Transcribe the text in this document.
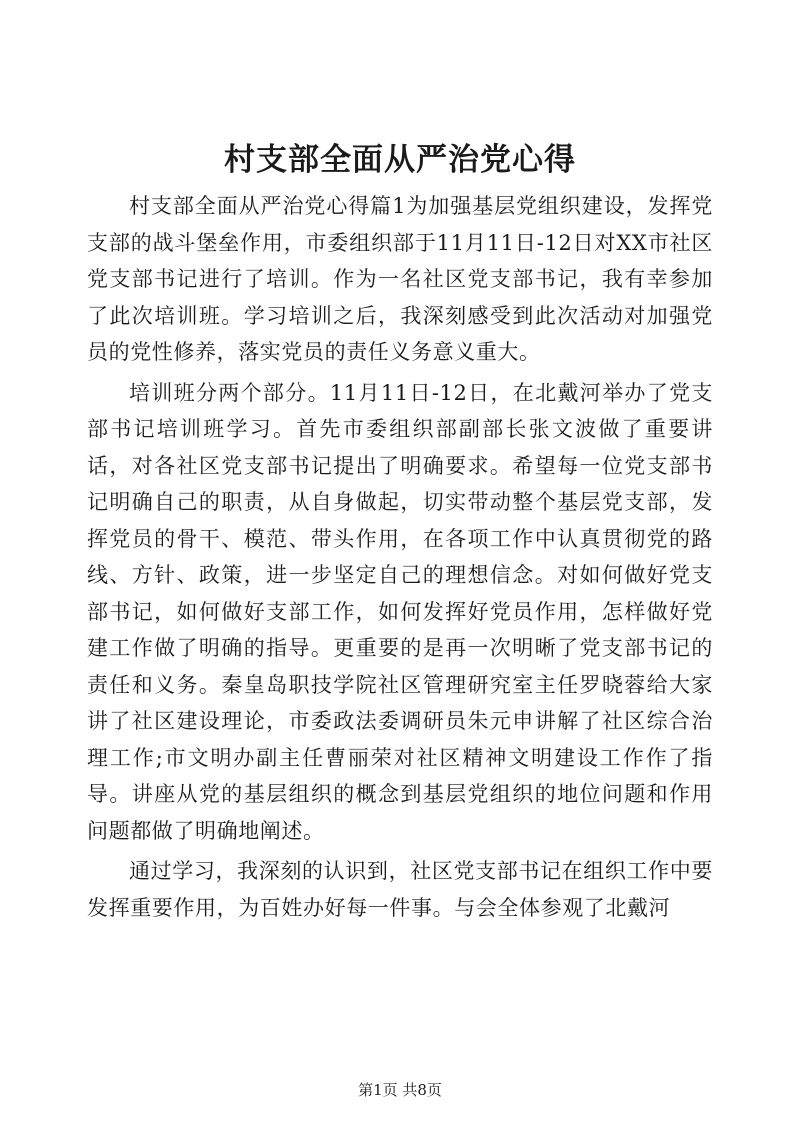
村支部全面从严治党心得

村支部全面从严治党心得篇1为加强基层党组织建设，发挥党支部的战斗堡垒作用，市委组织部于11月11日-12日对XX市社区党支部书记进行了培训。作为一名社区党支部书记，我有幸参加了此次培训班。学习培训之后，我深刻感受到此次活动对加强党员的党性修养，落实党员的责任义务意义重大。

培训班分两个部分。11月11日-12日，在北戴河举办了党支部书记培训班学习。首先市委组织部副部长张文波做了重要讲话，对各社区党支部书记提出了明确要求。希望每一位党支部书记明确自己的职责，从自身做起，切实带动整个基层党支部，发挥党员的骨干、模范、带头作用，在各项工作中认真贯彻党的路线、方针、政策，进一步坚定自己的理想信念。对如何做好党支部书记，如何做好支部工作，如何发挥好党员作用，怎样做好党建工作做了明确的指导。更重要的是再一次明晰了党支部书记的责任和义务。秦皇岛职技学院社区管理研究室主任罗晓蓉给大家讲了社区建设理论，市委政法委调研员朱元申讲解了社区综合治理工作;市文明办副主任曹丽荣对社区精神文明建设工作作了指导。讲座从党的基层组织的概念到基层党组织的地位问题和作用问题都做了明确地阐述。

通过学习，我深刻的认识到，社区党支部书记在组织工作中要发挥重要作用，为百姓办好每一件事。与会全体参观了北戴河

第1页 共8页
